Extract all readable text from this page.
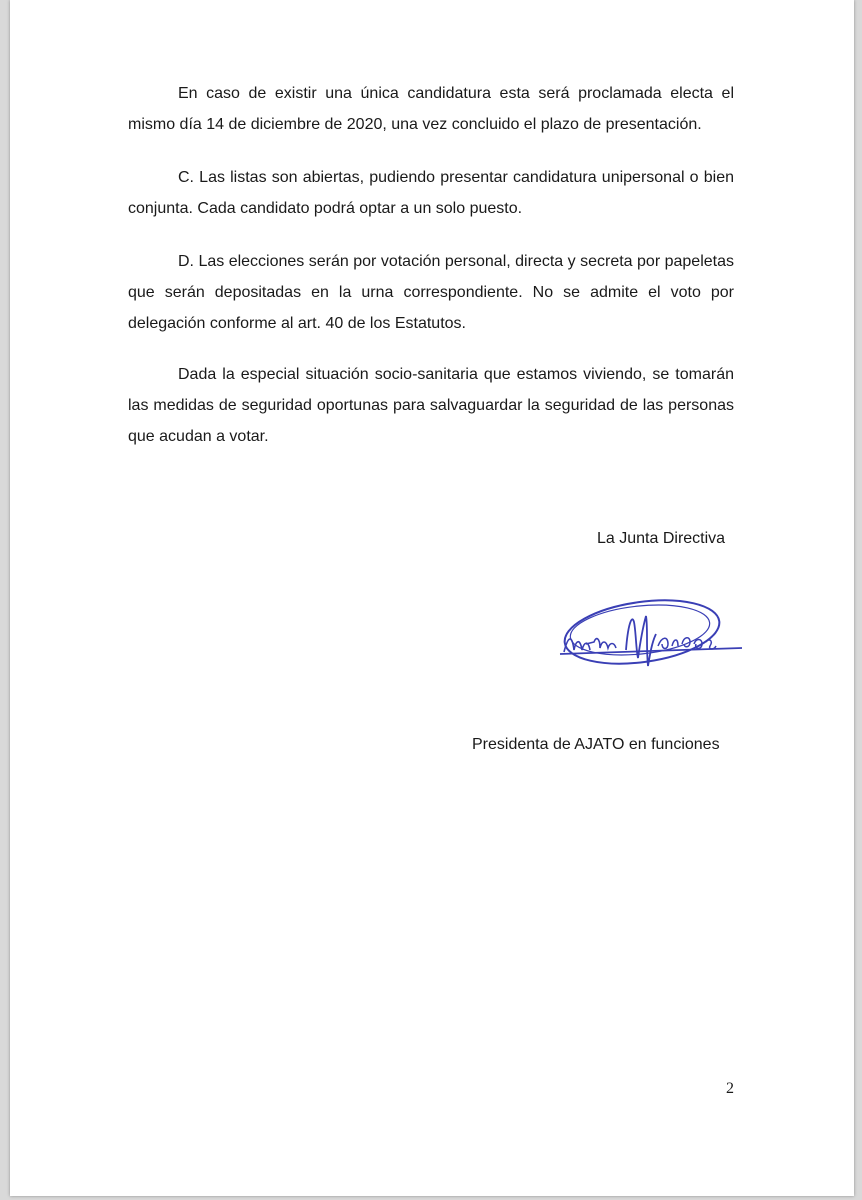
En caso de existir una única candidatura esta será proclamada electa el mismo día 14 de diciembre de 2020, una vez concluido el plazo de presentación.

C. Las listas son abiertas, pudiendo presentar candidatura unipersonal o bien conjunta. Cada candidato podrá optar a un solo puesto.

D. Las elecciones serán por votación personal, directa y secreta por papeletas que serán depositadas en la urna correspondiente. No se admite el voto por delegación conforme al art. 40 de los Estatutos.

Dada la especial situación socio-sanitaria que estamos viviendo, se tomarán las medidas de seguridad oportunas para salvaguardar la seguridad de las personas que acudan a votar.

La Junta Directiva

Presidenta de AJATO en funciones

2
